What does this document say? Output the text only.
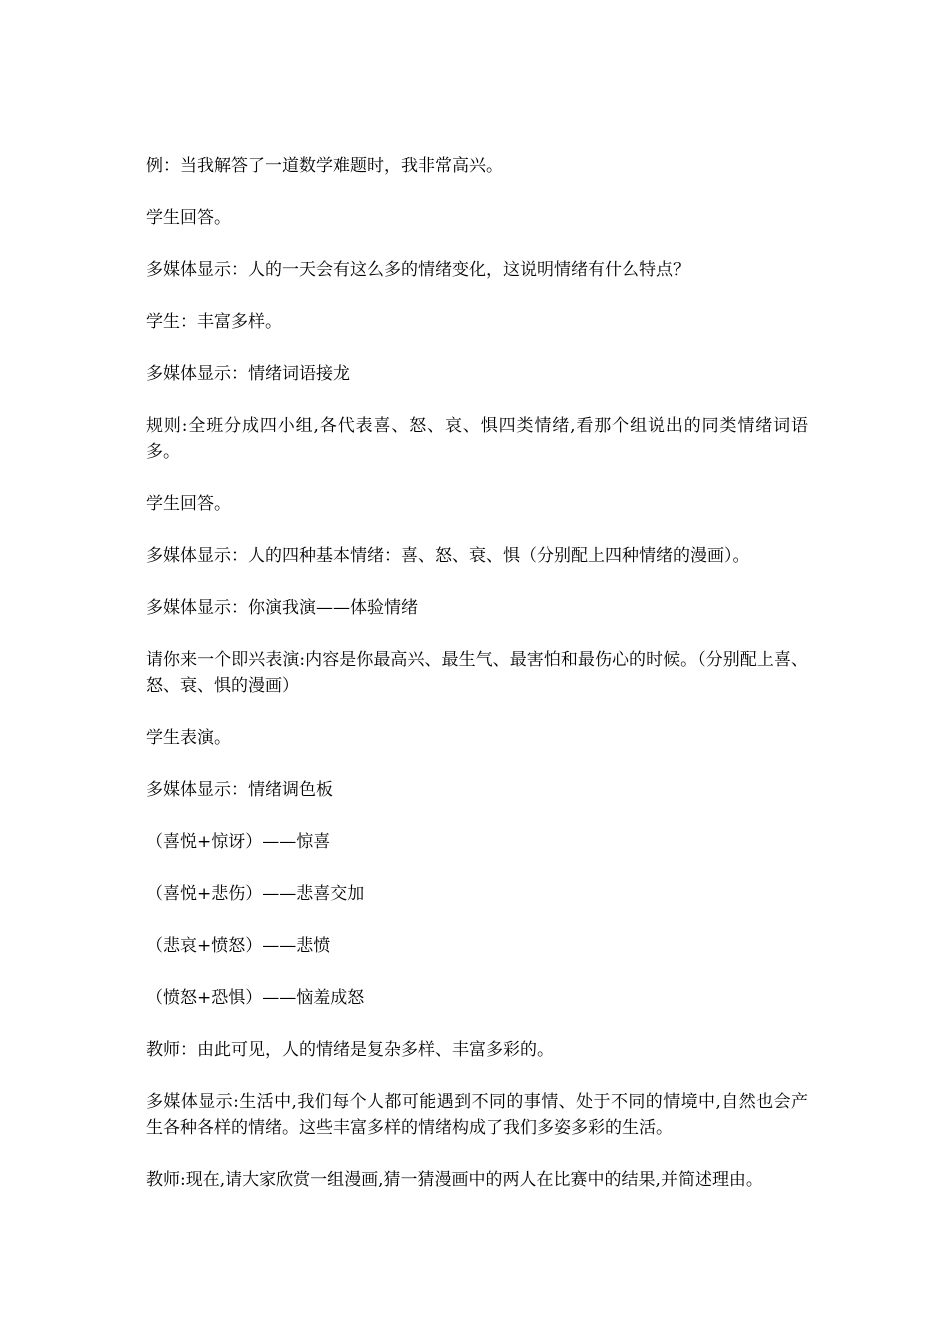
例：当我解答了一道数学难题时，我非常高兴。

学生回答。

多媒体显示：人的一天会有这么多的情绪变化，这说明情绪有什么特点？

学生：丰富多样。

多媒体显示：情绪词语接龙

规则:全班分成四小组,各代表喜、怒、哀、惧四类情绪,看那个组说出的同类情绪词语多。

学生回答。

多媒体显示：人的四种基本情绪：喜、怒、衰、惧（分别配上四种情绪的漫画）。

多媒体显示：你演我演——体验情绪

请你来一个即兴表演:内容是你最高兴、最生气、最害怕和最伤心的时候。（分别配上喜、怒、衰、惧的漫画）

学生表演。

多媒体显示：情绪调色板

（喜悦+惊讶）——惊喜

（喜悦+悲伤）——悲喜交加

（悲哀+愤怒）——悲愤

（愤怒+恐惧）——恼羞成怒

教师：由此可见，人的情绪是复杂多样、丰富多彩的。

多媒体显示:生活中,我们每个人都可能遇到不同的事情、处于不同的情境中,自然也会产生各种各样的情绪。这些丰富多样的情绪构成了我们多姿多彩的生活。

教师:现在,请大家欣赏一组漫画,猜一猜漫画中的两人在比赛中的结果,并简述理由。
